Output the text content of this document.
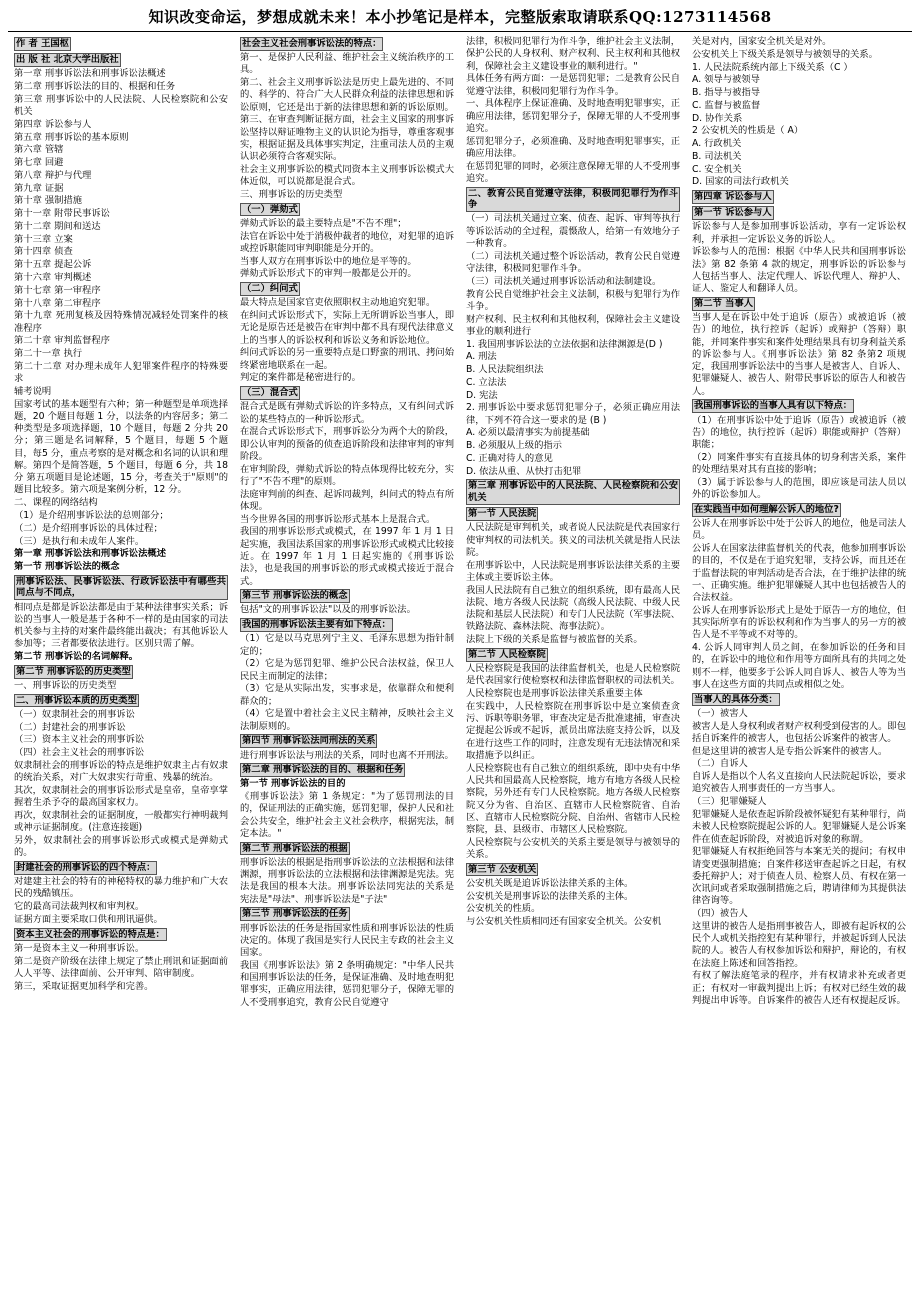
知识改变命运，梦想成就未来！本小抄笔记是样本，完整版索取请联系QQ:1273114568

作 者 王国枢

出 版 社 北京大学出版社

第一章 刑事诉讼法和刑事诉讼法概述

第二章 刑事诉讼法的目的、根据和任务

第三章 刑事诉讼中的人民法院、人民检察院和公安机关

第四章 诉讼参与人

第五章 刑事诉讼的基本原则

第六章 管辖

第七章 回避

第八章 辩护与代理

第九章 证据

第十章 强制措施

第十一章 附带民事诉讼

第十二章 期间和送达

第十三章 立案

第十四章 侦查

第十五章 提起公诉

第十六章 审判概述

第十七章 第一审程序

第十八章 第二审程序

第十九章 死刑复核及因特殊情况减轻处罚案件的核准程序

第二十章 审判监督程序

第二十一章 执行

第二十二章 对办理未成年人犯罪案件程序的特殊要求

辅考说明

国家考试的基本题型有六种；第一种题型是单项选择题，20 个题目每题 1 分，以法条的内容居多；第二种类型是多项选择题，10 个题目，每题 2 分共 20 分；第三题是名词解释，5 个题目，每题 5 个题目，每5 分，重点考察的是对概念和名词的认识和理解。第四个是简答题，5 个题目，每题 6 分，共 18 分 第五项题目是论述题，15 分，考查关于"原则"的题目比较多。第六项是案例分析，12 分。

二、课程的网络结构

（1）是介绍刑事诉讼法的总则部分；

（二）是介绍刑事诉讼的具体过程；

（三）是执行和未成年人案件。

第一章 刑事诉讼法和刑事诉讼法概述

第一节 刑事诉讼法的概念

刑事诉讼法、民事诉讼法、行政诉讼法中有哪些共同点与不同点，

相同点是都是诉讼法都是由于某种法律事实关系；诉讼的当事人一般是基于各种不一样的是由国家的司法机关参与主持的对案件最终能出裁决；有其他诉讼人参加等；三者都要依法进行。区别只需了解。

第二节 刑事诉讼的名词解释。

第二节 刑事诉讼的历史类型

一、刑事诉讼的历史类型

二、刑事诉讼本质的历史类型

（一）奴隶制社会的刑事诉讼

（二）封建社会的刑事诉讼

（三）资本主义社会的刑事诉讼

（四）社会主义社会的刑事诉讼

奴隶制社会的刑事诉讼的特点是维护奴隶主占有奴隶的统治关系，对广大奴隶实行苛重、残暴的统治。

其次，奴隶制社会的刑事诉讼形式是皇帝，皇帝享掌握着生杀予夺的最高国家权力。

再次，奴隶制社会的证据制度，一般都实行神明裁判或神示证据制度。(注意连接题)

另外，奴隶制社会的刑事诉讼形式或模式是弹劾式的。

封建社会的刑事诉讼的四个特点：

对建建主社会的特有的神秘特权的暴力维护和广大农民的残酷镇压。

它的最高司法裁判权和审判权。

证据方面主要采取口供和刑讯逼供。

资本主义社会的刑事诉讼的特点是：

第一是资本主义一种刑事诉讼。

第二是资产阶级在法律上规定了禁止刑讯和证据面前人人平等、法律面前、公开审判、陪审制度。

第三，采取证据更加科学和完善。

社会主义社会刑事诉讼法的特点：

第一、是保护人民利益、维护社会主义统治秩序的工具。

第二、社会主义刑事诉讼法是历史上最先进的、不同的、科学的、符合广大人民群众利益的法律思想和诉讼原则，它还是出于新的法律思想和新的诉讼原则。

第三、在审查判断证据方面，社会主义国家的刑事诉讼坚持以辩证唯物主义的认识论为指导，尊重客观事实，根据证据及具体事实判定，注重司法人员的主观认识必须符合客观实际。

社会主义刑事诉讼的模式同资本主义刑事诉讼模式大体近似，可以说都是混合式。

三、刑事诉讼的历史类型

（一）弹劾式

弹劾式诉讼的最主要特点是"不告不理"；

法官在诉讼中处于消极仲裁者的地位，对犯罪的追诉或控诉职能同审判职能是分开的。

当事人双方在刑事诉讼中的地位是平等的。

弹劾式诉讼形式下的审判一般都是公开的。

（二）纠问式

最大特点是国家官吏依照职权主动地追究犯罪。

在纠问式诉讼形式下，实际上无所谓诉讼当事人，即无论是原告还是被告在审判中都不具有现代法律意义上的当事人的诉讼权利和诉讼义务和诉讼地位。

纠问式诉讼的另一重要特点是口野蛮的刑讯、拷问始终紧密地联系在一起。

判定的案件都是秘密进行的。

（三）混合式

混合式是既有弹劾式诉讼的许多特点，又有纠问式诉讼的某些特点的一种诉讼形式。

在混合式诉讼形式下，刑事诉讼分为两个大的阶段，即公认审判的预备的侦查追诉阶段和法律审判的审判阶段。

在审判阶段，弹劾式诉讼的特点体现得比较充分，实行了"不告不理"的原则。

法庭审判前的纠查、起诉同裁判，纠问式的特点有所体现。

当今世界各国的刑事诉讼形式基本上是混合式。

我国的刑事诉讼形式或模式，在 1997 年 1 月 1 日起实施，我国法系国家的刑事诉讼形式或模式比较接近。在 1997 年 1 月 1 日起实施的《刑事诉讼法》，也是我国的刑事诉讼的形式或模式接近于混合式。

第三节 刑事诉讼法的概念

包括"文的刑事诉讼法"以及的刑事诉讼法。

我国的刑事诉讼法主要有如下特点：

（1）它是以马克思列宁主义、毛泽东思想为指针制定的；

（2）它是为惩罚犯罪、维护公民合法权益，保卫人民民主而制定的法律；

（3）它是从实际出发，实事求是，依靠群众和便利群众的；

（4）它是置中着社会主义民主精神，反映社会主义法制原则的。

第四节 刑事诉讼法同刑法的关系

进行刑事诉讼法与刑法的关系，同时也离不开刑法。

第二章 刑事诉讼法的目的、根据和任务

第一节 刑事诉讼法的目的

《刑事诉讼法》第 1 条规定："为了惩罚刑法的目的，保证刑法的正确实施，惩罚犯罪，保护人民和社会公共安全，维护社会主义社会秩序，根据宪法，制定本法。"

第二节 刑事诉讼法的根据

刑事诉讼法的根据是指刑事诉讼法的立法根据和法律渊源，刑事诉讼法的立法根据和法律渊源是宪法。宪法是我国的根本大法。刑事诉讼法同宪法的关系是 宪法是"母法"、刑事诉讼法是"子法"

第三节 刑事诉讼法的任务

刑事诉讼法的任务是指国家性质和刑事诉讼法的性质决定的。体现了我国是实行人民民主专政的社会主义国家。

我国《刑事诉讼法》第 2 条明确规定："中华人民共和国刑事诉讼法的任务，是保证准确、及时地查明犯罪事实，正确应用法律，惩罚犯罪分子，保障无罪的人不受刑事追究，教育公民自觉遵守

法律，积极同犯罪行为作斗争，维护社会主义法制，保护公民的人身权利、财产权利、民主权利和其他权利，保障社会主义建设事业的顺利进行。"

具体任务有两方面：一是惩罚犯罪；二是教育公民自觉遵守法律，积极同犯罪行为作斗争。

一、具体程序上保证准确、及时地查明犯罪事实，正确应用法律，惩罚犯罪分子，保障无罪的人不受刑事追究。

惩罚犯罪分子，必须准确、及时地查明犯罪事实，正确应用法律。

在惩罚犯罪的同时，必须注意保障无罪的人不受刑事追究。

二、教育公民自觉遵守法律，积极同犯罪行为作斗争

（一）司法机关通过立案、侦查、起诉、审判等执行等诉讼活动的全过程，震慑敌人，给第一有效地分子一种教育。

（二）司法机关通过整个诉讼活动，教育公民自觉遵守法律，积极同犯罪作斗争。

（三）司法机关通过刑事诉讼活动和法制建设。

教育公民自觉维护社会主义法制，积极与犯罪行为作斗争。

财产权利、民主权利和其他权利，保障社会主义建设事业的顺利进行

1. 我国刑事诉讼法的立法依据和法律渊源是(D )

A. 刑法

B. 人民法院组织法

C. 立法法

D. 宪法

2. 刑事诉讼中要求惩罚犯罪分子，必须正确应用法律，下列不符合这一要求的是 (B )

A. 必须以最清事实为前提基础

B. 必须服从上级的指示

C. 正确对待人的意见

D. 依法从重、从快打击犯罪

第三章 刑事诉讼中的人民法院、人民检察院和公安机关

第一节 人民法院

人民法院是审判机关，或者说人民法院是代表国家行使审判权的司法机关。狭义的司法机关就是指人民法院。

在刑事诉讼中，人民法院是刑事诉讼法律关系的主要主体或主要诉讼主体。

我国人民法院有自己独立的组织系统，即有最高人民法院、地方各级人民法院（高级人民法院、中级人民法院和基层人民法院）和专门人民法院（军事法院、铁路法院、森林法院、海事法院）。

法院上下级的关系是监督与被监督的关系。

第二节 人民检察院

人民检察院是我国的法律监督机关，也是人民检察院是代表国家行使检察权和法律监督职权的司法机关。

人民检察院也是刑事诉讼法律关系重要主体

在实践中，人民检察院在刑事诉讼中是立案侦查贪污、诉职等职务罪，审查决定是否批准逮捕，审查决定提起公诉或不起诉，派员出席法庭支持公诉，以及在进行这些工作的同时，注意发现有无违法情况和采取措施予以纠正。

人民检察院也有自己独立的组织系统，即中央有中华人民共和国最高人民检察院，地方有地方各级人民检察院，另外还有专门人民检察院。地方各级人民检察院又分为省、自治区、直辖市人民检察院省、自治区、直辖市人民检察院分院、自治州、省辖市人民检察院，县、县级市、市辖区人民检察院。

人民检察院与公安机关的关系主要是领导与被领导的关系。

第三节 公安机关

公安机关既是追诉诉讼法律关系的主体。

公安机关是刑事诉讼的法律关系的主体。

公安机关的性质。

与公安机关性质相同还有国家安全机关。公安机

关是对内，国家安全机关是对外。

公安机关上下级关系是领导与被领导的关系。

1. 人民法院系统内部上下级关系（C ）

A. 领导与被领导

B. 指导与被指导

C. 监督与被监督

D. 协作关系

2 公安机关的性质是（ A）

A. 行政机关

B. 司法机关

C. 安全机关

D. 国家的司法行政机关

第四章 诉讼参与人

第一节 诉讼参与人

诉讼参与人是参加刑事诉讼活动，享有一定诉讼权利，并承担一定诉讼义务的诉讼人。

诉讼参与人的范围：根据《中华人民共和国刑事诉讼法》第 82 条第 4 款的规定，刑事诉讼的诉讼参与人包括当事人、法定代理人、诉讼代理人、辩护人、证人、鉴定人和翻译人员。

第二节 当事人

当事人是在诉讼中处于追诉（原告）或被追诉（被告）的地位，执行控诉（起诉）或辩护（答辩）职能，并同案件事实和案件处理结果具有切身利益关系的诉讼参与人。《刑事诉讼法》第 82 条第2 项规定，我国刑事诉讼法中的当事人是被害人、自诉人、犯罪嫌疑人、被告人、附带民事诉讼的原告人和被告人。

我国刑事诉讼的当事人具有以下特点：

（1）在刑事诉讼中处于追诉（原告）或被追诉（被告）的地位，执行控诉（起诉）职能或辩护（答辩）职能；

（2）同案件事实有直接具体的切身利害关系，案件的处理结果对其有直接的影响；

（3）属于诉讼参与人的范围，即应该是司法人员以外的诉讼参加人。

在实践当中如何理解公诉人的地位?

公诉人在刑事诉讼中处于公诉人的地位，他是司法人员。

公诉人在国家法律监督机关的代表，他参加刑事诉讼的目的，不仅是在于追究犯罪，支持公诉，而且还在于监督法院的审判活动是否合法，在于维护法律的统一、正确实施。维护犯罪嫌疑人其中也包括被告人的合法权益。

公诉人在刑事诉讼形式上是处于原告一方的地位，但其实际所享有的诉讼权利和作为当事人的另一方的被告人是不平等或不对等的。

4. 公诉人同审判人员之间，在参加诉讼的任务和目的，在诉讼中的地位和作用等方面所具有的共同之处则不一样，他要多于公诉人同自诉人、被告人等为当事人在这些方面的共同点或相似之处。

当事人的具体分类：

（一）被害人

被害人是人身权利或者财产权利受到侵害的人。即包括自诉案件的被害人，也包括公诉案件的被害人。

但是这里讲的被害人是专指公诉案件的被害人。

（二）自诉人

自诉人是指以个人名义直接向人民法院起诉讼，要求追究被告人刑事责任的一方当事人。

（三）犯罪嫌疑人

犯罪嫌疑人是依查起诉阶段被怀疑犯有某种罪行，尚未被人民检察院提起公诉的人。犯罪嫌疑人是公诉案件在侦查起诉阶段，对被追诉对象的称谓。

犯罪嫌疑人有权拒绝回答与本案无关的提问；有权申请变更强制措施；自案件移送审查起诉之日起，有权委托辩护人；对于侦查人员、检察人员、有权在第一次讯问或者采取强制措施之后，聘请律师为其提供法律咨询等。

（四）被告人

这里讲的被告人是指刑事被告人，即被有起诉权的公民个人或机关指控犯有某种罪行，并被起诉到人民法院的人。被告人有权参加诉讼和辩护，辩论的，有权在法庭上陈述和回答指控。

有权了解法庭笔录的程序，并有权请求补充或者更正；有权对一审裁判提出上诉；有权对已经生效的裁判提出申诉等。自诉案件的被告人还有权提起反诉。
